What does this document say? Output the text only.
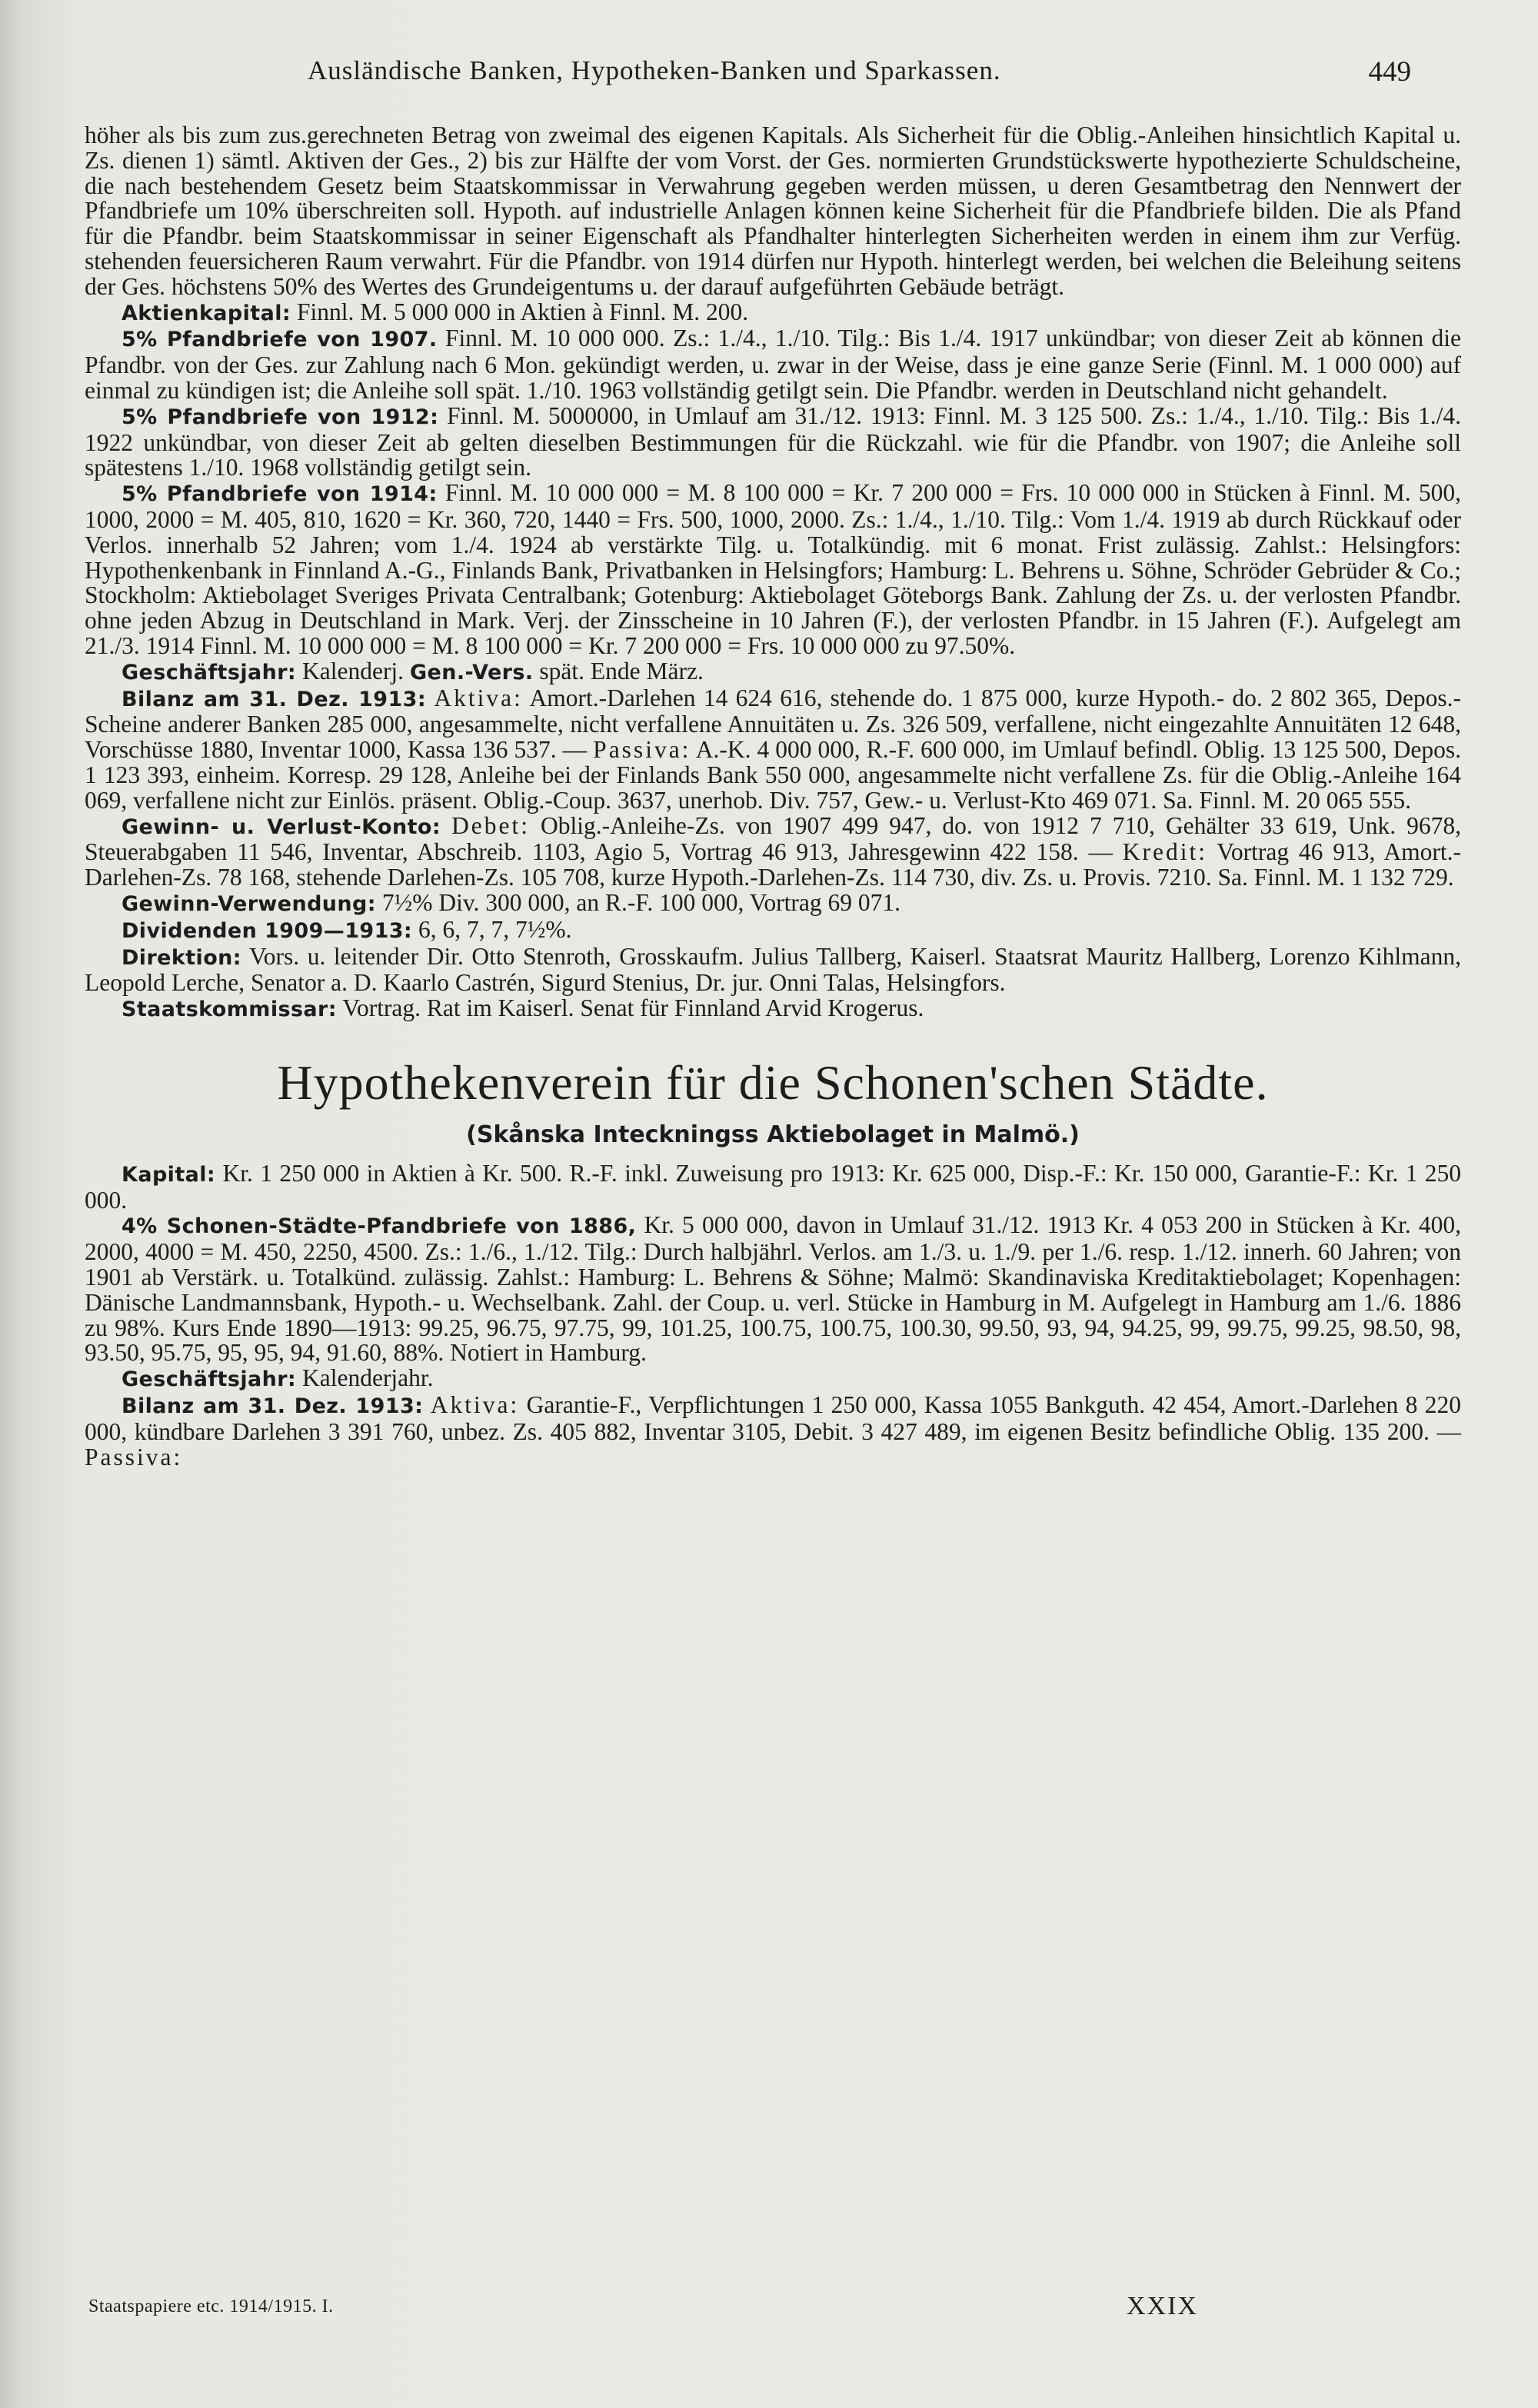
Ausländische Banken, Hypotheken-Banken und Sparkassen.	449

höher als bis zum zus.gerechneten Betrag von zweimal des eigenen Kapitals. Als Sicherheit für die Oblig.-Anleihen hinsichtlich Kapital u. Zs. dienen 1) sämtl. Aktiven der Ges., 2) bis zur Hälfte der vom Vorst. der Ges. normierten Grundstückswerte hypothezierte Schuldscheine, die nach bestehendem Gesetz beim Staatskommissar in Verwahrung gegeben werden müssen, u deren Gesamtbetrag den Nennwert der Pfandbriefe um 10% überschreiten soll. Hypoth. auf industrielle Anlagen können keine Sicherheit für die Pfandbriefe bilden. Die als Pfand für die Pfandbr. beim Staatskommissar in seiner Eigenschaft als Pfandhalter hinterlegten Sicherheiten werden in einem ihm zur Verfüg. stehenden feuersicheren Raum verwahrt. Für die Pfandbr. von 1914 dürfen nur Hypoth. hinterlegt werden, bei welchen die Beleihung seitens der Ges. höchstens 50% des Wertes des Grundeigentums u. der darauf aufgeführten Gebäude beträgt.

Aktienkapital: Finnl. M. 5 000 000 in Aktien à Finnl. M. 200.

5% Pfandbriefe von 1907. Finnl. M. 10 000 000. Zs.: 1./4., 1./10. Tilg.: Bis 1./4. 1917 unkündbar; von dieser Zeit ab können die Pfandbr. von der Ges. zur Zahlung nach 6 Mon. gekündigt werden, u. zwar in der Weise, dass je eine ganze Serie (Finnl. M. 1 000 000) auf einmal zu kündigen ist; die Anleihe soll spät. 1./10. 1963 vollständig getilgt sein. Die Pfandbr. werden in Deutschland nicht gehandelt.

5% Pfandbriefe von 1912: Finnl. M. 5000000, in Umlauf am 31./12. 1913: Finnl. M. 3 125 500. Zs.: 1./4., 1./10. Tilg.: Bis 1./4. 1922 unkündbar, von dieser Zeit ab gelten dieselben Bestimmungen für die Rückzahl. wie für die Pfandbr. von 1907; die Anleihe soll spätestens 1./10. 1968 vollständig getilgt sein.

5% Pfandbriefe von 1914: Finnl. M. 10 000 000 = M. 8 100 000 = Kr. 7 200 000 = Frs. 10 000 000 in Stücken à Finnl. M. 500, 1000, 2000 = M. 405, 810, 1620 = Kr. 360, 720, 1440 = Frs. 500, 1000, 2000. Zs.: 1./4., 1./10. Tilg.: Vom 1./4. 1919 ab durch Rückkauf oder Verlos. innerhalb 52 Jahren; vom 1./4. 1924 ab verstärkte Tilg. u. Totalkündig. mit 6 monat. Frist zulässig. Zahlst.: Helsingfors: Hypothenkenbank in Finnland A.-G., Finlands Bank, Privatbanken in Helsingfors; Hamburg: L. Behrens u. Söhne, Schröder Gebrüder & Co.; Stockholm: Aktiebolaget Sveriges Privata Centralbank; Gotenburg: Aktiebolaget Göteborgs Bank. Zahlung der Zs. u. der verlosten Pfandbr. ohne jeden Abzug in Deutschland in Mark. Verj. der Zinsscheine in 10 Jahren (F.), der verlosten Pfandbr. in 15 Jahren (F.). Aufgelegt am 21./3. 1914 Finnl. M. 10 000 000 = M. 8 100 000 = Kr. 7 200 000 = Frs. 10 000 000 zu 97.50%.

Geschäftsjahr: Kalenderj. Gen.-Vers. spät. Ende März.

Bilanz am 31. Dez. 1913: Aktiva: Amort.-Darlehen 14 624 616, stehende do. 1 875 000, kurze Hypoth.- do. 2 802 365, Depos.-Scheine anderer Banken 285 000, angesammelte, nicht verfallene Annuitäten u. Zs. 326 509, verfallene, nicht eingezahlte Annuitäten 12 648, Vorschüsse 1880, Inventar 1000, Kassa 136 537. — Passiva: A.-K. 4 000 000, R.-F. 600 000, im Umlauf befindl. Oblig. 13 125 500, Depos. 1 123 393, einheim. Korresp. 29 128, Anleihe bei der Finlands Bank 550 000, angesammelte nicht verfallene Zs. für die Oblig.-Anleihe 164 069, verfallene nicht zur Einlös. präsent. Oblig.-Coup. 3637, unerhob. Div. 757, Gew.- u. Verlust-Kto 469 071. Sa. Finnl. M. 20 065 555.

Gewinn- u. Verlust-Konto: Debet: Oblig.-Anleihe-Zs. von 1907 499 947, do. von 1912 7 710, Gehälter 33 619, Unk. 9678, Steuerabgaben 11 546, Inventar, Abschreib. 1103, Agio 5, Vortrag 46 913, Jahresgewinn 422 158. — Kredit: Vortrag 46 913, Amort.-Darlehen-Zs. 78 168, stehende Darlehen-Zs. 105 708, kurze Hypoth.-Darlehen-Zs. 114 730, div. Zs. u. Provis. 7210. Sa. Finnl. M. 1 132 729.

Gewinn-Verwendung: 7½% Div. 300 000, an R.-F. 100 000, Vortrag 69 071.

Dividenden 1909—1913: 6, 6, 7, 7, 7½%.

Direktion: Vors. u. leitender Dir. Otto Stenroth, Grosskaufm. Julius Tallberg, Kaiserl. Staatsrat Mauritz Hallberg, Lorenzo Kihlmann, Leopold Lerche, Senator a. D. Kaarlo Castrén, Sigurd Stenius, Dr. jur. Onni Talas, Helsingfors.

Staatskommissar: Vortrag. Rat im Kaiserl. Senat für Finnland Arvid Krogerus.

Hypothekenverein für die Schonen'schen Städte.
(Skånska Inteckningss Aktiebolaget in Malmö.)

Kapital: Kr. 1 250 000 in Aktien à Kr. 500. R.-F. inkl. Zuweisung pro 1913: Kr. 625 000, Disp.-F.: Kr. 150 000, Garantie-F.: Kr. 1 250 000.

4% Schonen-Städte-Pfandbriefe von 1886, Kr. 5 000 000, davon in Umlauf 31./12. 1913 Kr. 4 053 200 in Stücken à Kr. 400, 2000, 4000 = M. 450, 2250, 4500. Zs.: 1./6., 1./12. Tilg.: Durch halbjährl. Verlos. am 1./3. u. 1./9. per 1./6. resp. 1./12. innerh. 60 Jahren; von 1901 ab Verstärk. u. Totalkünd. zulässig. Zahlst.: Hamburg: L. Behrens & Söhne; Malmö: Skandinaviska Kreditaktiebolaget; Kopenhagen: Dänische Landmannsbank, Hypoth.- u. Wechselbank. Zahl. der Coup. u. verl. Stücke in Hamburg in M. Aufgelegt in Hamburg am 1./6. 1886 zu 98%. Kurs Ende 1890—1913: 99.25, 96.75, 97.75, 99, 101.25, 100.75, 100.75, 100.30, 99.50, 93, 94, 94.25, 99, 99.75, 99.25, 98.50, 98, 93.50, 95.75, 95, 95, 94, 91.60, 88%. Notiert in Hamburg.

Geschäftsjahr: Kalenderjahr.

Bilanz am 31. Dez. 1913: Aktiva: Garantie-F., Verpflichtungen 1 250 000, Kassa 1055 Bankguth. 42 454, Amort.-Darlehen 8 220 000, kündbare Darlehen 3 391 760, unbez. Zs. 405 882, Inventar 3105, Debit. 3 427 489, im eigenen Besitz befindliche Oblig. 135 200. — Passiva:

Staatspapiere etc. 1914/1915. I.	XXIX
